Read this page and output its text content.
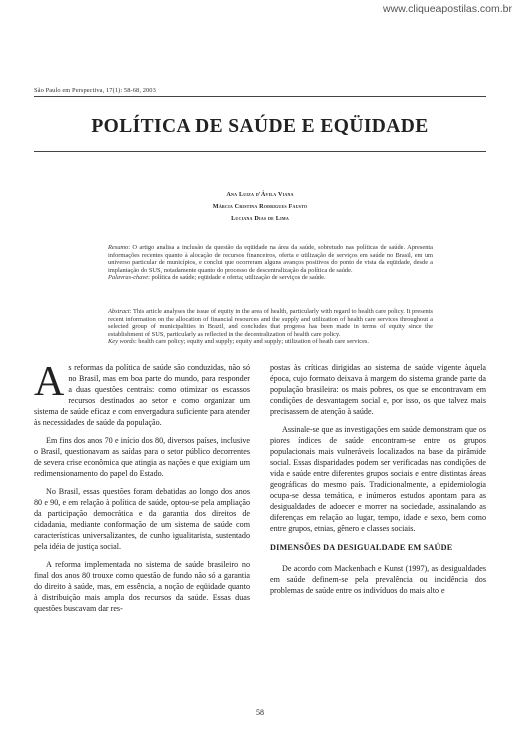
www.cliqueapostilas.com.br
São Paulo em Perspectiva, 17(1): 58-68, 2003
POLÍTICA DE SAÚDE E EQÜIDADE
Ana Luiza d'Ávila Viana
Márcia Cristina Rodrigues Fausto
Luciana Dias de Lima

Resumo: O artigo analisa a inclusão da questão da eqüidade na área da saúde, sobretudo nas políticas de saúde. Apresenta informações recentes quanto à alocação de recursos financeiros, oferta e utilização de serviços em saúde no Brasil, em um universo particular de municípios, e conclui que ocorreram alguns avanços positivos do ponto de vista da eqüidade, desde a implantação do SUS, notadamente quanto do processo de descentralização da política de saúde.

Palavras-chave: política de saúde; eqüidade e oferta; utilização de serviços de saúde.

Abstract: This article analyses the issue of equity in the area of health, particularly with regard to health care policy. It presents recent information on the allocation of financial resources and the supply and utilization of health care services throughout a selected group of municipalities in Brazil, and concludes that progress has been made in terms of equity since the establishment of SUS, particularly as reflected in the decentralization of health care policy.

Key words: health care policy; equity and supply; equity and supply; utilization of heath care services.

As reformas da política de saúde são conduzidas, não só no Brasil, mas em boa parte do mundo, para responder a duas questões centrais: como otimizar os escassos recursos destinados ao setor e como organizar um sistema de saúde eficaz e com envergadura suficiente para atender às necessidades de saúde da população.

Em fins dos anos 70 e início dos 80, diversos países, inclusive o Brasil, questionavam as saídas para o setor público decorrentes de severa crise econômica que atingia as nações e que exigiam um redimensionamento do papel do Estado.

No Brasil, essas questões foram debatidas ao longo dos anos 80 e 90, e em relação à política de saúde, optou-se pela ampliação da participação democrática e da garantia dos direitos de cidadania, mediante conformação de um sistema de saúde com características universalizantes, de cunho igualitarista, sustentado pela idéia de justiça social.

A reforma implementada no sistema de saúde brasileiro no final dos anos 80 trouxe como questão de fundo não só a garantia do direito à saúde, mas, em essência, a noção de eqüidade quanto à distribuição mais ampla dos recursos da saúde. Essas duas questões buscavam dar res-

postas às críticas dirigidas ao sistema de saúde vigente àquela época, cujo formato deixava à margem do sistema grande parte da população brasileira: os mais pobres, os que se encontravam em condições de desvantagem social e, por isso, os que talvez mais precisassem de atenção à saúde.

Assinale-se que as investigações em saúde demonstram que os piores índices de saúde encontram-se entre os grupos populacionais mais vulneráveis localizados na base da pirâmide social. Essas disparidades podem ser verificadas nas condições de vida e saúde entre diferentes grupos sociais e entre distintas áreas geográficas do mesmo país. Tradicionalmente, a epidemiologia ocupa-se dessa temática, e inúmeros estudos apontam para as desigualdades de adoecer e morrer na sociedade, assinalando as diferenças em relação ao lugar, tempo, idade e sexo, bem como entre grupos, etnias, gênero e classes sociais.

DIMENSÕES DA DESIGUALDADE EM SAÚDE

De acordo com Mackenbach e Kunst (1997), as desigualdades em saúde definem-se pela prevalência ou incidência dos problemas de saúde entre os indivíduos do mais alto e

58
